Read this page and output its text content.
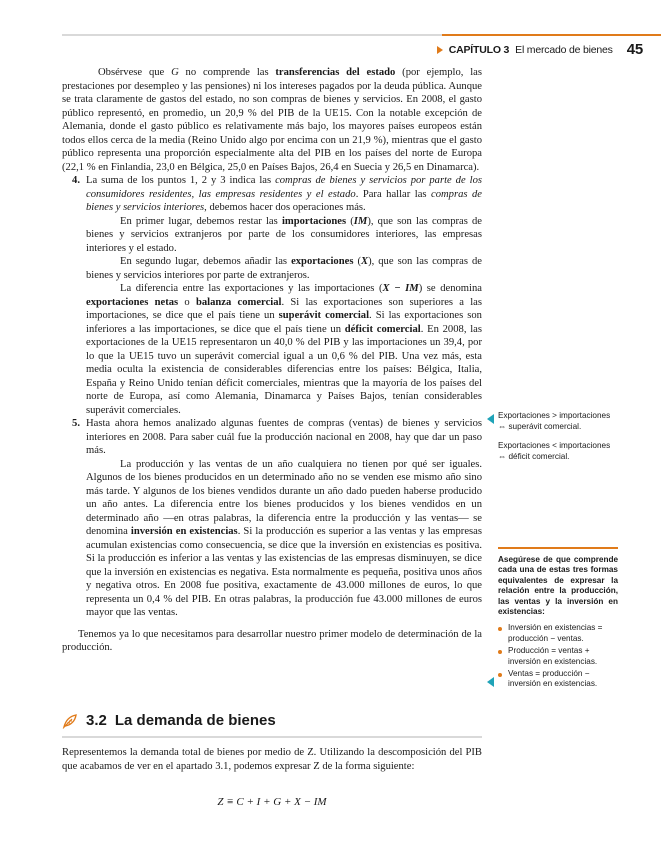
CAPÍTULO 3 El mercado de bienes 45

Obsérvese que G no comprende las transferencias del estado (por ejemplo, las prestaciones por desempleo y las pensiones) ni los intereses pagados por la deuda pública. Aunque se trata claramente de gastos del estado, no son compras de bienes y servicios. En 2008, el gasto público representó, en promedio, un 20,9 % del PIB de la UE15. Con la notable excepción de Alemania, donde el gasto público es relativamente más bajo, los mayores países europeos están todos ellos cerca de la media (Reino Unido algo por encima con un 21,9 %), mientras que el gasto público representa una proporción especialmente alta del PIB en los países del norte de Europa (22,1 % en Finlandia, 23,0 en Bélgica, 25,0 en Países Bajos, 26,4 en Suecia y 26,5 en Dinamarca).

4. La suma de los puntos 1, 2 y 3 indica las compras de bienes y servicios por parte de los consumidores residentes, las empresas residentes y el estado. Para hallar las compras de bienes y servicios interiores, debemos hacer dos operaciones más.

En primer lugar, debemos restar las importaciones (IM), que son las compras de bienes y servicios extranjeros por parte de los consumidores interiores, las empresas interiores y el estado.

En segundo lugar, debemos añadir las exportaciones (X), que son las compras de bienes y servicios interiores por parte de extranjeros.

La diferencia entre las exportaciones y las importaciones (X − IM) se denomina exportaciones netas o balanza comercial. Si las exportaciones son superiores a las importaciones, se dice que el país tiene un superávit comercial. Si las exportaciones son inferiores a las importaciones, se dice que el país tiene un déficit comercial. En 2008, las exportaciones de la UE15 representaron un 40,0 % del PIB y las importaciones un 39,4, por lo que la UE15 tuvo un superávit comercial igual a un 0,6 % del PIB. Una vez más, esta media oculta la existencia de considerables diferencias entre los países: Bélgica, Italia, España y Reino Unido tenían déficit comerciales, mientras que la mayoría de los países del norte de Europa, así como Alemania, Dinamarca y Países Bajos, tenían considerables superávit comerciales.

5. Hasta ahora hemos analizado algunas fuentes de compras (ventas) de bienes y servicios interiores en 2008. Para saber cuál fue la producción nacional en 2008, hay que dar un paso más.

La producción y las ventas de un año cualquiera no tienen por qué ser iguales. Algunos de los bienes producidos en un determinado año no se venden ese mismo año sino más tarde. Y algunos de los bienes vendidos durante un año dado pueden haberse producido un año antes. La diferencia entre los bienes producidos y los bienes vendidos en un determinado año —en otras palabras, la diferencia entre la producción y las ventas— se denomina inversión en existencias. Si la producción es superior a las ventas y las empresas acumulan existencias como consecuencia, se dice que la inversión en existencias es positiva. Si la producción es inferior a las ventas y las existencias de las empresas disminuyen, se dice que la inversión en existencias es negativa. Esta normalmente es pequeña, positiva unos años y negativa otros. En 2008 fue positiva, exactamente de 43.000 millones de euros, lo que representa un 0,4 % del PIB. En otras palabras, la producción fue 43.000 millones de euros mayor que las ventas.

Tenemos ya lo que necesitamos para desarrollar nuestro primer modelo de determinación de la producción.

Exportaciones > importaciones ⇔ superávit comercial.
Exportaciones < importaciones ⇔ déficit comercial.
Asegúrese de que comprende cada una de estas tres formas equivalentes de expresar la relación entre la producción, las ventas y la inversión en existencias:
Inversión en existencias = producción − ventas.
Producción = ventas + inversión en existencias.
Ventas = producción − inversión en existencias.
3.2 La demanda de bienes

Representemos la demanda total de bienes por medio de Z. Utilizando la descomposición del PIB que acabamos de ver en el apartado 3.1, podemos expresar Z de la forma siguiente:

Z ≡ C + I + G + X − IM
